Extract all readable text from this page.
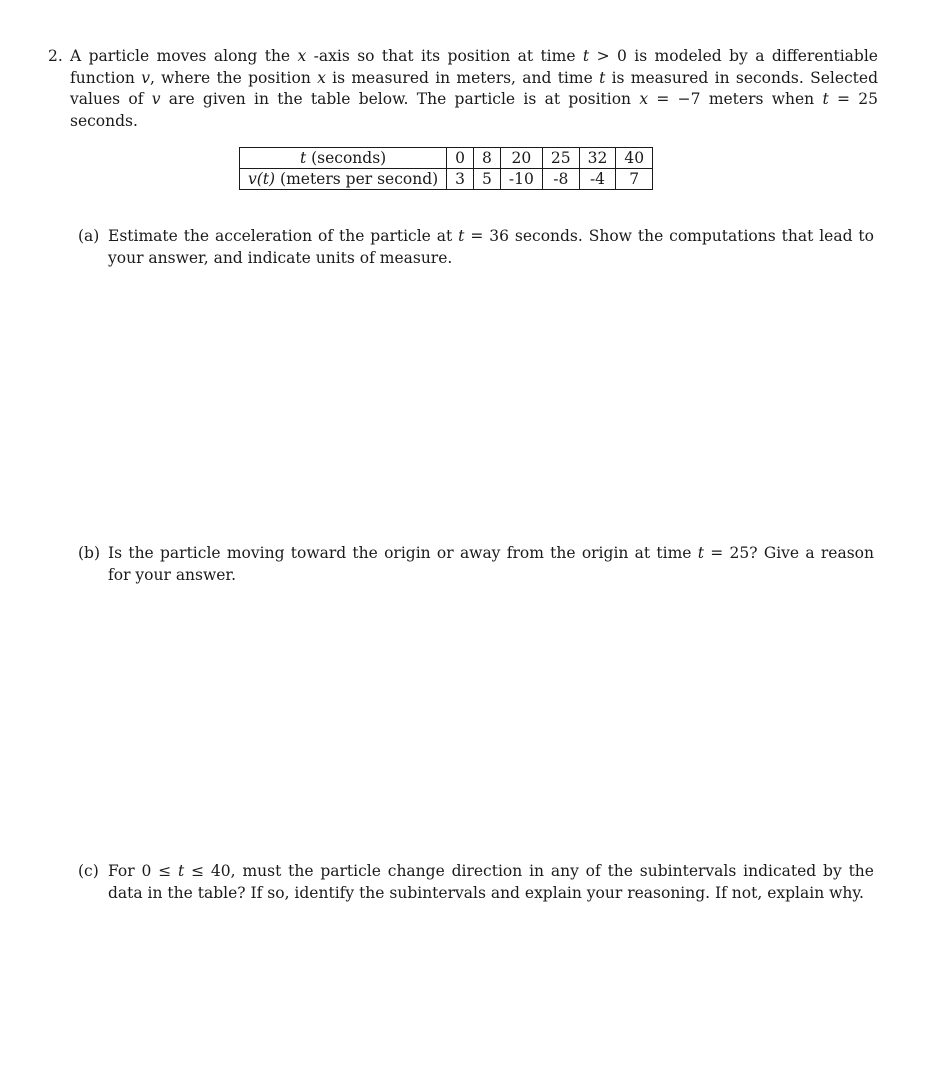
2. A particle moves along the x -axis so that its position at time t > 0 is modeled by a differentiable function v, where the position x is measured in meters, and time t is measured in seconds. Selected values of v are given in the table below. The particle is at position x = −7 meters when t = 25 seconds.
t (seconds)	0	8	20	25	32	40
v(t) (meters per second)	3	5	-10	-8	-4	7
(a) Estimate the acceleration of the particle at t = 36 seconds. Show the computations that lead to your answer, and indicate units of measure.
(b) Is the particle moving toward the origin or away from the origin at time t = 25? Give a reason for your answer.
(c) For 0 ≤ t ≤ 40, must the particle change direction in any of the subintervals indicated by the data in the table? If so, identify the subintervals and explain your reasoning. If not, explain why.
